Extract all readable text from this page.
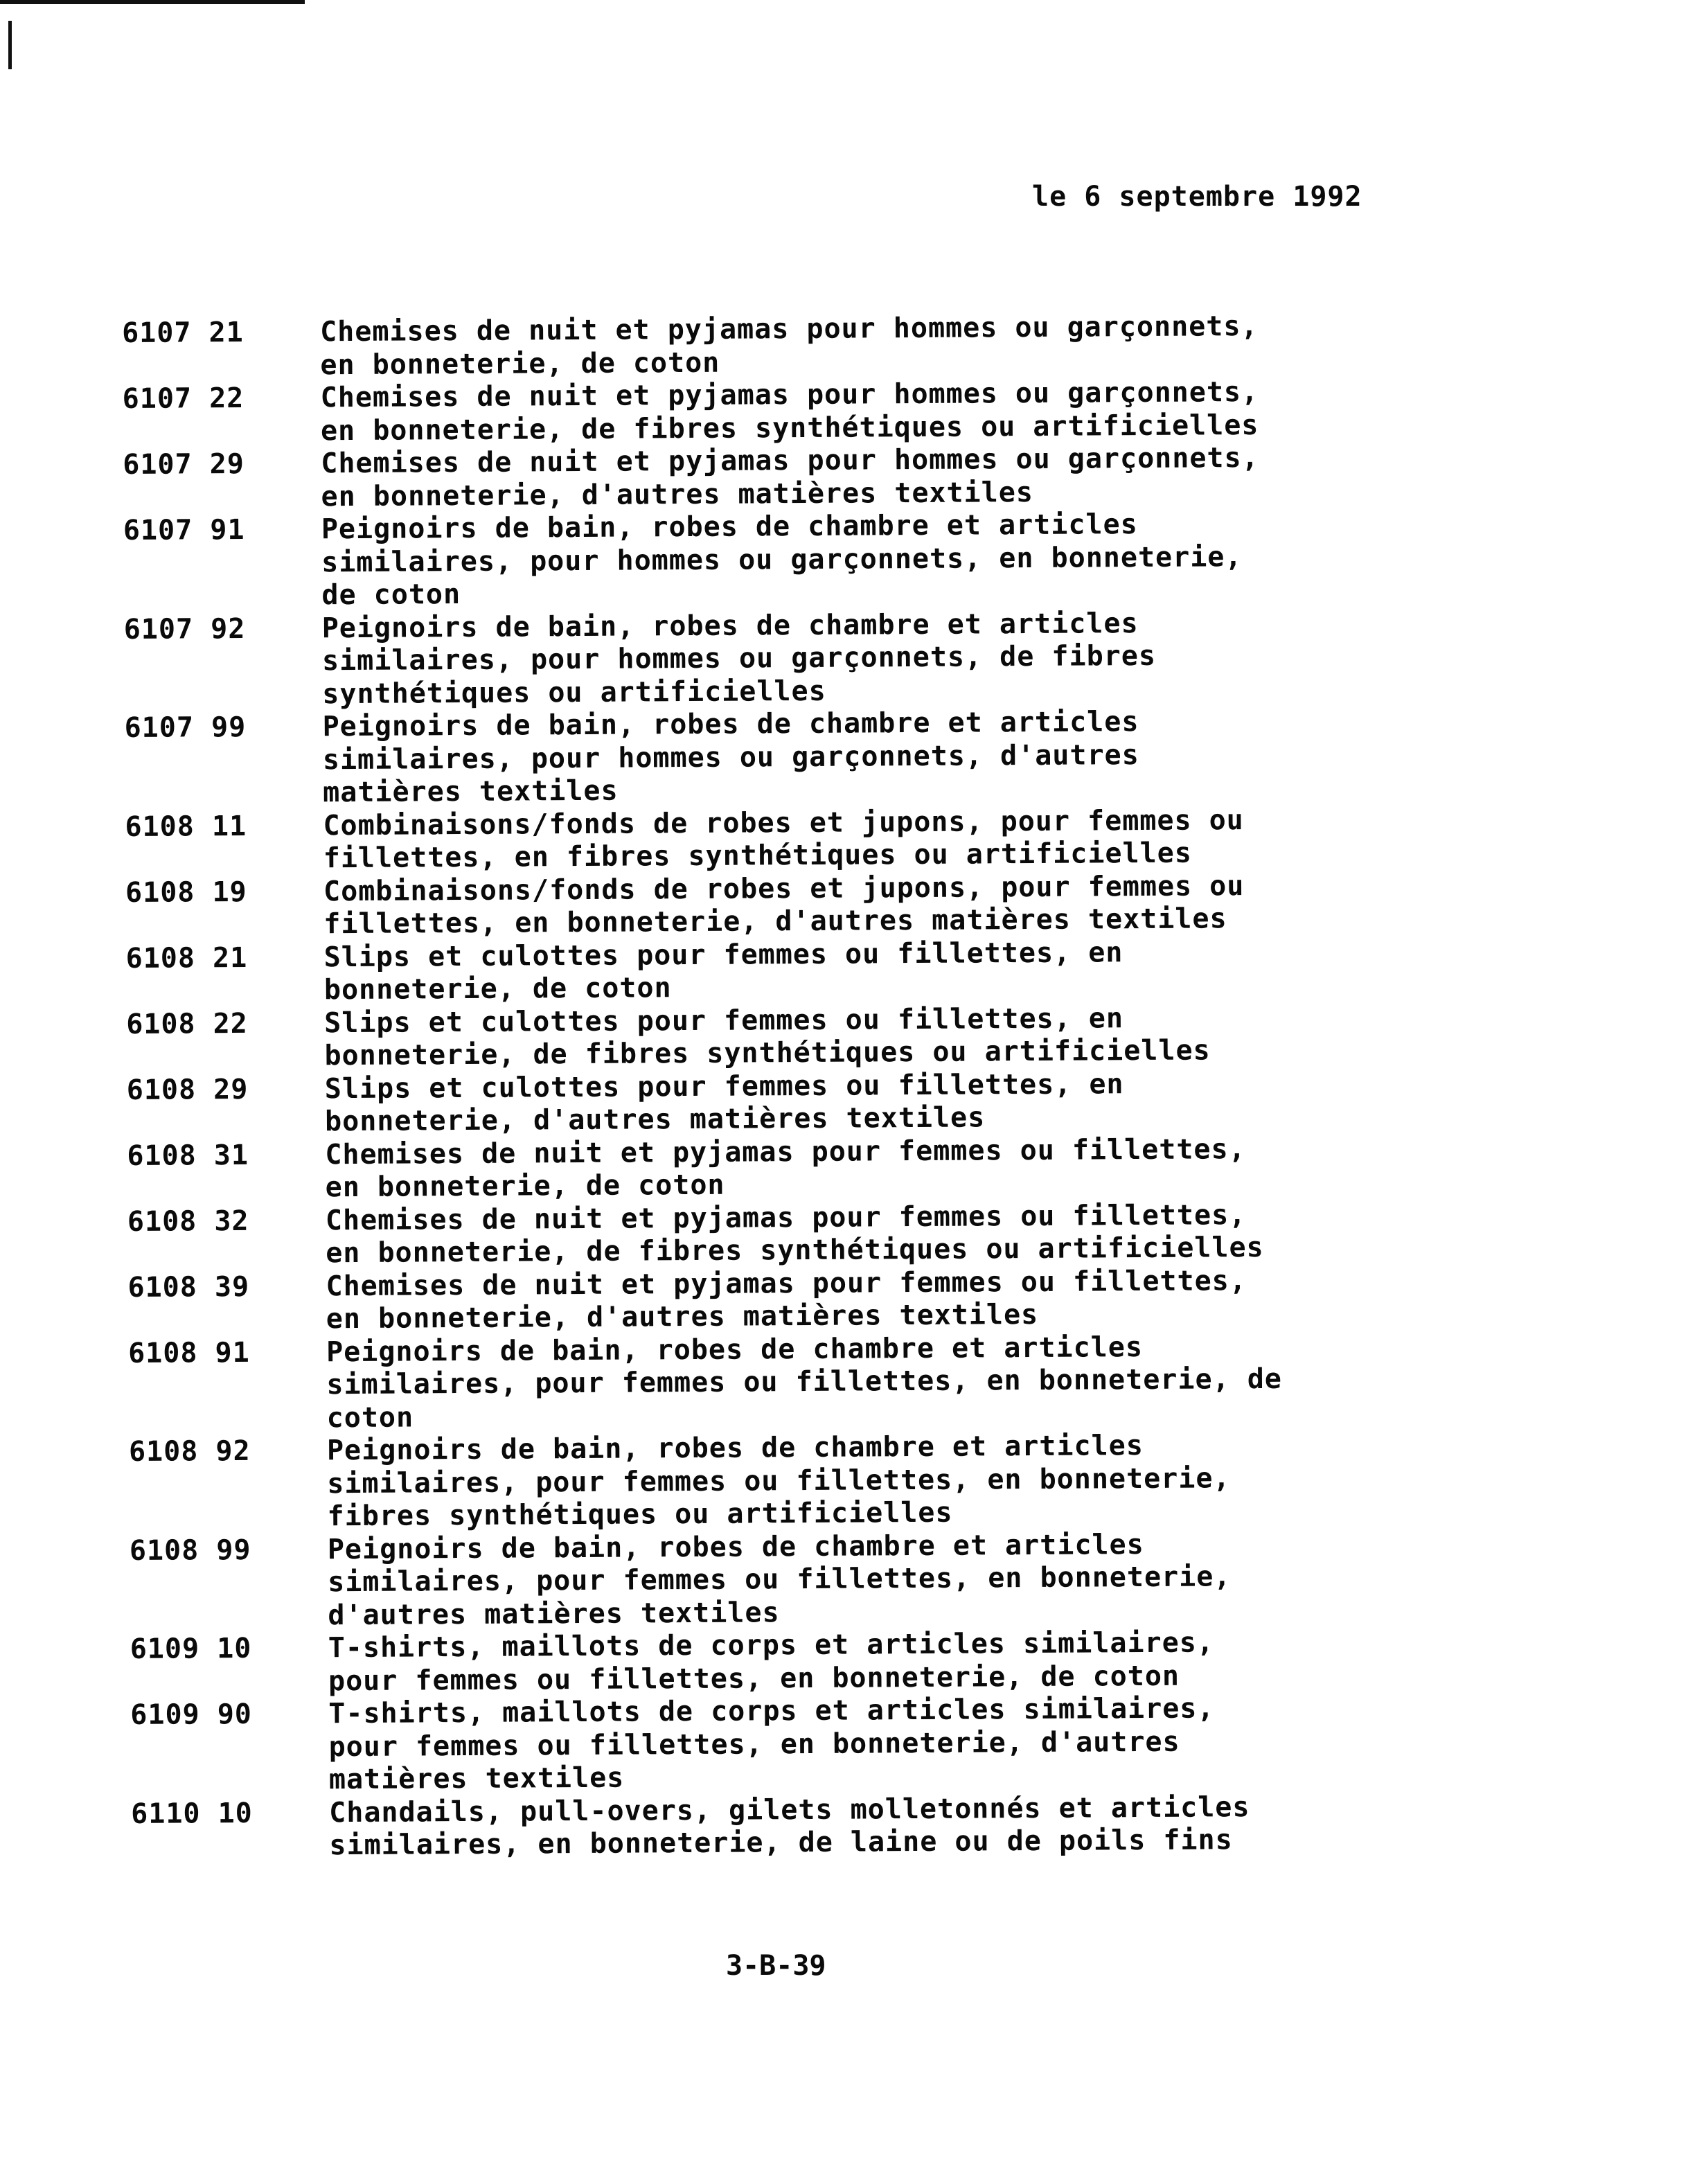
le 6 septembre 1992
6107 21	Chemises de nuit et pyjamas pour hommes ou garçonnets,
en bonneterie, de coton
6107 22	Chemises de nuit et pyjamas pour hommes ou garçonnets,
en bonneterie, de fibres synthétiques ou artificielles
6107 29	Chemises de nuit et pyjamas pour hommes ou garçonnets,
en bonneterie, d'autres matières textiles
6107 91	Peignoirs de bain, robes de chambre et articles
similaires, pour hommes ou garçonnets, en bonneterie,
de coton
6107 92	Peignoirs de bain, robes de chambre et articles
similaires, pour hommes ou garçonnets, de fibres
synthétiques ou artificielles
6107 99	Peignoirs de bain, robes de chambre et articles
similaires, pour hommes ou garçonnets, d'autres
matières textiles
6108 11	Combinaisons/fonds de robes et jupons, pour femmes ou
fillettes, en fibres synthétiques ou artificielles
6108 19	Combinaisons/fonds de robes et jupons, pour femmes ou
fillettes, en bonneterie, d'autres matières textiles
6108 21	Slips et culottes pour femmes ou fillettes, en
bonneterie, de coton
6108 22	Slips et culottes pour femmes ou fillettes, en
bonneterie, de fibres synthétiques ou artificielles
6108 29	Slips et culottes pour femmes ou fillettes, en
bonneterie, d'autres matières textiles
6108 31	Chemises de nuit et pyjamas pour femmes ou fillettes,
en bonneterie, de coton
6108 32	Chemises de nuit et pyjamas pour femmes ou fillettes,
en bonneterie, de fibres synthétiques ou artificielles
6108 39	Chemises de nuit et pyjamas pour femmes ou fillettes,
en bonneterie, d'autres matières textiles
6108 91	Peignoirs de bain, robes de chambre et articles
similaires, pour femmes ou fillettes, en bonneterie, de
coton
6108 92	Peignoirs de bain, robes de chambre et articles
similaires, pour femmes ou fillettes, en bonneterie,
fibres synthétiques ou artificielles
6108 99	Peignoirs de bain, robes de chambre et articles
similaires, pour femmes ou fillettes, en bonneterie,
d'autres matières textiles
6109 10	T-shirts, maillots de corps et articles similaires,
pour femmes ou fillettes, en bonneterie, de coton
6109 90	T-shirts, maillots de corps et articles similaires,
pour femmes ou fillettes, en bonneterie, d'autres
matières textiles
6110 10	Chandails, pull-overs, gilets molletonnés et articles
similaires, en bonneterie, de laine ou de poils fins
3-B-39
